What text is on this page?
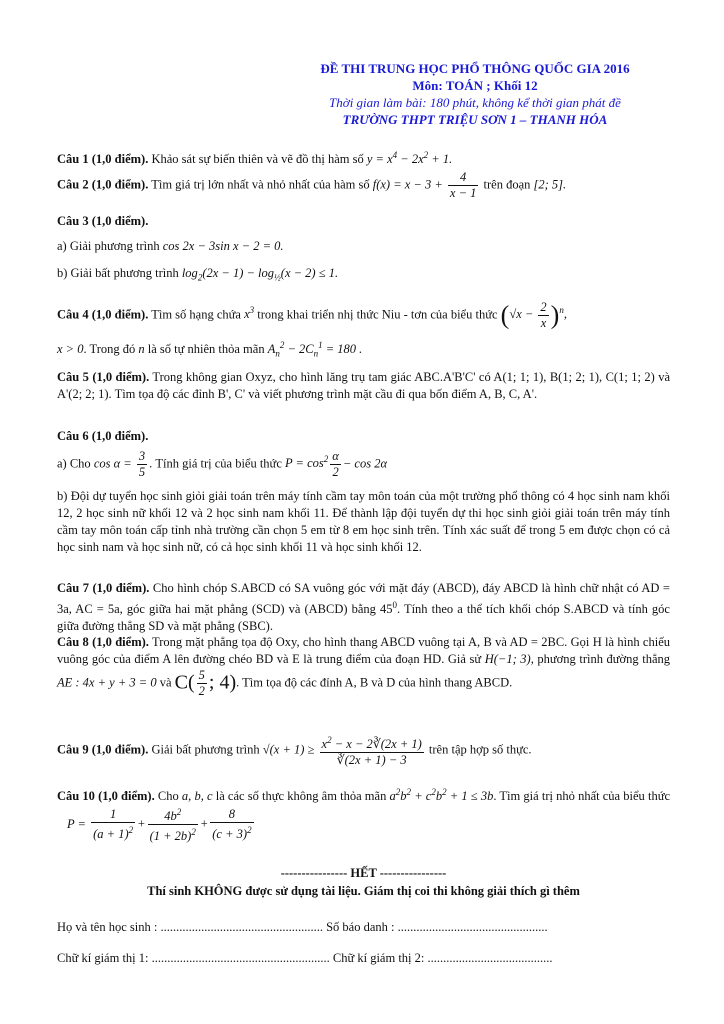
ĐỀ THI TRUNG HỌC PHỔ THÔNG QUỐC GIA 2016
Môn: TOÁN ; Khối 12
Thời gian làm bài: 180 phút, không kể thời gian phát đề
TRƯỜNG THPT TRIỆU SƠN 1 – THANH HÓA
Câu 1 (1,0 điểm). Khảo sát sự biến thiên và vẽ đồ thị hàm số $y = x^4 - 2x^2 + 1$.
Câu 2 (1,0 điểm). Tìm giá trị lớn nhất và nhỏ nhất của hàm số $f(x) = x - 3 + \frac{4}{x - 1}$ trên đoạn [2; 5].
Câu 3 (1,0 điểm).
a) Giải phương trình cos 2x − 3sin x − 2 = 0.
b) Giải bất phương trình $\log_2(2x - 1) - \log_{\frac{1}{2}}(x - 2) \le 1$.
Câu 4 (1,0 điểm). Tìm số hạng chứa $x^3$ trong khai triển nhị thức Niu - tơn của biểu thức $(√x - \frac{2}{x} )^n$,
x > 0. Trong đó n là số tự nhiên thỏa mãn $A_n^2 - 2C_n^1 = 180$ .
Câu 5 (1,0 điểm). Trong không gian Oxyz, cho hình lăng trụ tam giác ABC.A'B'C' có A(1; 1; 1), B(1; 2; 1), C(1; 1; 2) và A'(2; 2; 1). Tìm tọa độ các đỉnh B', C' và viết phương trình mặt cầu đi qua bốn điểm A, B, C, A'.
Câu 6 (1,0 điểm).
a) Cho $\cos \alpha = \frac{3}{5}$ . Tính giá trị của biểu thức $P = \cos^2 \frac{\alpha}{2} - \cos 2\alpha$
b) Đội dự tuyển học sinh giỏi giải toán trên máy tính cầm tay môn toán của một trường phổ thông có 4 học sinh nam khối 12, 2 học sinh nữ khối 12 và 2 học sinh nam khối 11. Để thành lập đội tuyển dự thi học sinh giỏi giải toán trên máy tính cầm tay môn toán cấp tỉnh nhà trường cần chọn 5 em từ 8 em học sinh trên. Tính xác suất để trong 5 em được chọn có cả học sinh nam và học sinh nữ, có cả học sinh khối 11 và học sinh khối 12.
Câu 7 (1,0 điểm). Cho hình chóp S.ABCD có SA vuông góc với mặt đáy (ABCD), đáy ABCD là hình chữ nhật có AD = 3a, AC = 5a, góc giữa hai mặt phẳng (SCD) và (ABCD) bằng $45^0$. Tính theo a thể tích khối chóp S.ABCD và tính góc giữa đường thẳng SD và mặt phẳng (SBC).
Câu 8 (1,0 điểm). Trong mặt phẳng tọa độ Oxy, cho hình thang ABCD vuông tại A, B và AD = 2BC. Gọi H là hình chiếu vuông góc của điểm A lên đường chéo BD và E là trung điểm của đoạn HD. Giả sử H(−1; 3), phương trình đường thẳng AE : 4x + y + 3 = 0 và $C( \frac{5}{2}$ ; 4). Tìm tọa độ các đỉnh A, B và D của hình thang ABCD.
Câu 9 (1,0 điểm). Giải bất phương trình $√(x + 1) \ge \frac{x^2 - x - 2∛(2x + 1)}{∛(2x + 1) - 3}$ trên tập hợp số thực.
Câu 10 (1,0 điểm). Cho a, b, c là các số thực không âm thỏa mãn $a^2b^2 + c^2b^2 + 1 \le 3b$. Tìm giá trị nhỏ nhất của biểu thức $P = \frac{1}{(a + 1)^2} + \frac{4b^2}{(1 + 2b)^2} + \frac{8}{(c + 3)^2}$
---------------- HẾT ----------------
Thí sinh KHÔNG được sử dụng tài liệu. Giám thị coi thi không giải thích gì thêm
Họ và tên học sinh : .................................................... Số báo danh : ................................................
Chữ kí giám thị 1: ......................................................... Chữ kí giám thị 2: ........................................
